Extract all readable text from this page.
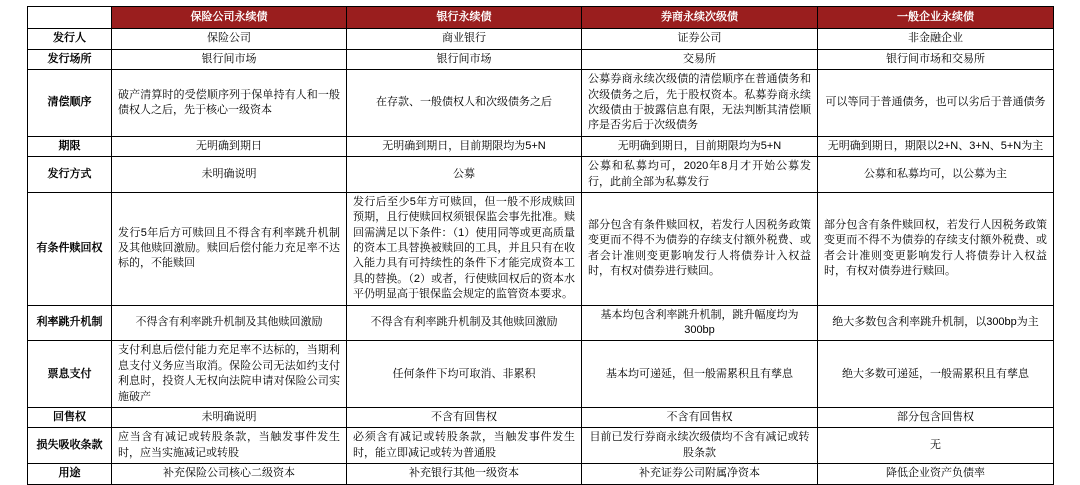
	保险公司永续债	银行永续债	券商永续次级债	一般企业永续债
发行人	保险公司	商业银行	证券公司	非金融企业
发行场所	银行间市场	银行间市场	交易所	银行间市场和交易所
清偿顺序	破产清算时的受偿顺序列于保单持有人和一般债权人之后，先于核心一级资本	在存款、一般债权人和次级债务之后	公募券商永续次级债的清偿顺序在普通债务和次级债务之后，先于股权资本。私募券商永续次级债由于披露信息有限，无法判断其清偿顺序是否劣后于次级债务	可以等同于普通债务，也可以劣后于普通债务
期限	无明确到期日	无明确到期日，目前期限均为5+N	无明确到期日，目前期限均为5+N	无明确到期日，期限以2+N、3+N、5+N为主
发行方式	未明确说明	公募	公募和私募均可，2020年8月才开始公募发行，此前全部为私募发行	公募和私募均可，以公募为主
有条件赎回权	发行5年后方可赎回且不得含有利率跳升机制及其他赎回激励。赎回后偿付能力充足率不达标的，不能赎回	发行后至少5年方可赎回，但一般不形成赎回预期，且行使赎回权须银保监会事先批准。赎回需满足以下条件：（1）使用同等或更高质量的资本工具替换被赎回的工具，并且只有在收入能力具有可持续性的条件下才能完成资本工具的替换。（2）或者，行使赎回权后的资本水平仍明显高于银保监会规定的监管资本要求。	部分包含有条件赎回权，若发行人因税务政策变更而不得不为债券的存续支付额外税费、或者会计准则变更影响发行人将债券计入权益时，有权对债券进行赎回。	部分包含有条件赎回权，若发行人因税务政策变更而不得不为债券的存续支付额外税费、或者会计准则变更影响发行人将债券计入权益时，有权对债券进行赎回。
利率跳升机制	不得含有利率跳升机制及其他赎回激励	不得含有利率跳升机制及其他赎回激励	基本均包含利率跳升机制，跳升幅度均为300bp	绝大多数包含利率跳升机制，以300bp为主
票息支付	支付利息后偿付能力充足率不达标的，当期利息支付义务应当取消。保险公司无法如约支付利息时，投资人无权向法院申请对保险公司实施破产	任何条件下均可取消、非累积	基本均可递延，但一般需累积且有孳息	绝大多数可递延，一般需累积且有孳息
回售权	未明确说明	不含有回售权	不含有回售权	部分包含回售权
损失吸收条款	应当含有减记或转股条款，当触发事件发生时，应当实施减记或转股	必须含有减记或转股条款，当触发事件发生时，能立即减记或转为普通股	目前已发行券商永续次级债均不含有减记或转股条款	无
用途	补充保险公司核心二级资本	补充银行其他一级资本	补充证券公司附属净资本	降低企业资产负债率
